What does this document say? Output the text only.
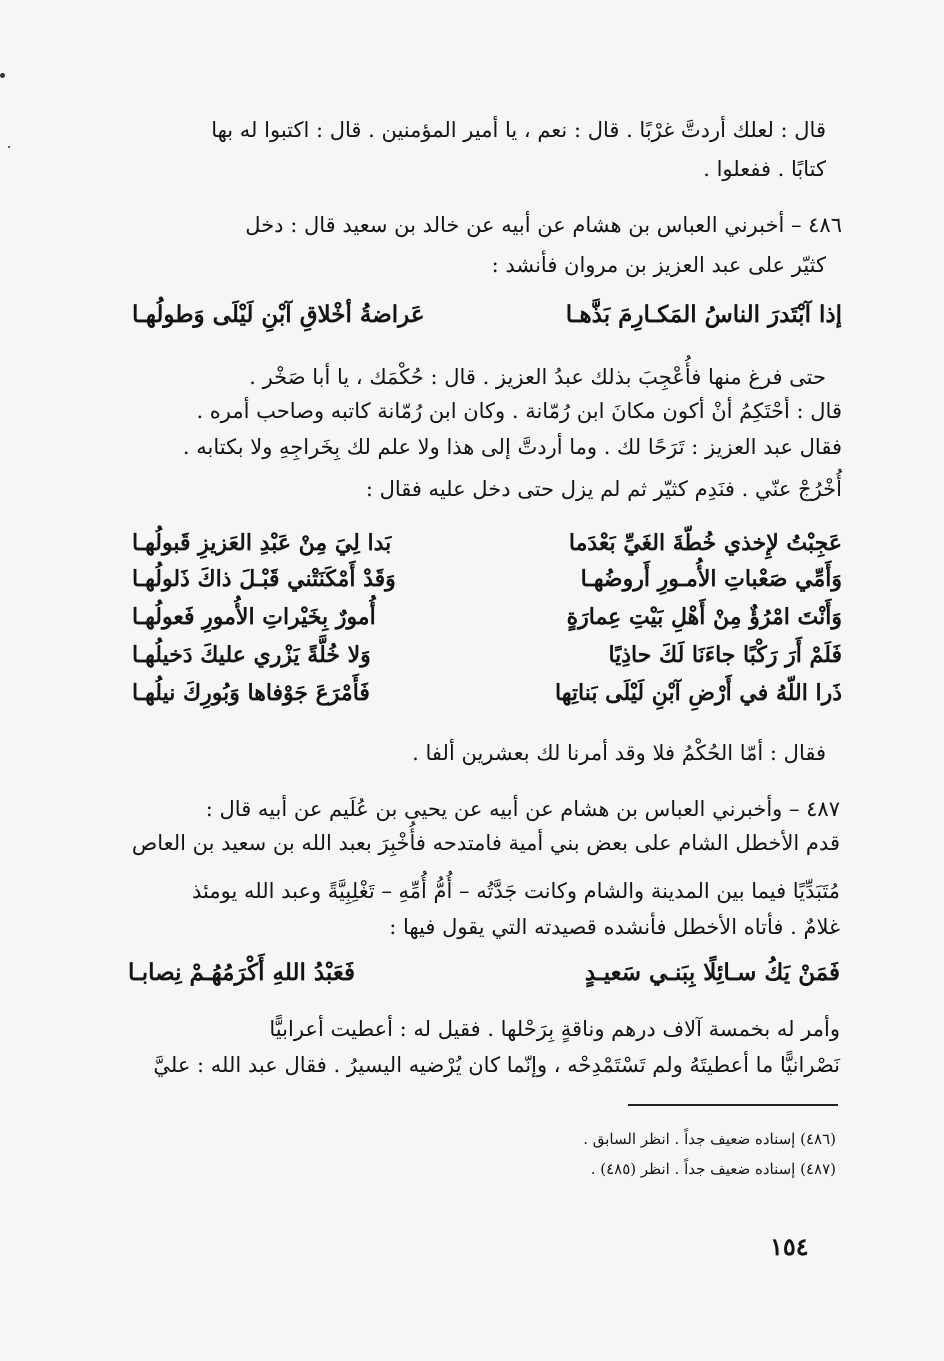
قال : لعلك أردتَّ غرْبًا . قال : نعم ، يا أمير المؤمنين . قال : اكتبوا له بها
كتابًا . ففعلوا .
٤٨٦ – أخبرني العباس بن هشام عن أبيه عن خالد بن سعيد قال : دخل
كثيّر على عبد العزيز بن مروان فأنشد :
إذا آبْتَدرَ الناسُ المَكـارِمَ بَذَّهـا
عَراضةُ أخْلاقِ آبْنِ لَيْلَى وَطولُهـا
حتى فرغ منها فأُعْجِبَ بذلك عبدُ العزيز . قال : حُكْمَك ، يا أبا صَخْر .
قال : أحْتَكِمُ أنْ أكون مكانَ ابن رُمّانة . وكان ابن رُمّانة كاتبه وصاحب أمره .
فقال عبد العزيز : تَرَحًا لك . وما أردتَّ إلى هذا ولا علم لك بِخَراجِهِ ولا بكتابه .
أُخْرُجْ عنّي . فنَدِم كثيّر ثم لم يزل حتى دخل عليه فقال :
عَجِبْتُ لإِخذي خُطّةَ الغَيِّ بَعْدَما
بَدا لِيَ مِنْ عَبْدِ العَزيزِ قَبولُهـا
وَأَمِّي صَعْباتِ الأُمـورِ أَروضُهـا
وَقَدْ أَمْكَنَتْني قَبْـلَ ذاكَ ذَلولُهـا
وَأَنْتَ امْرُؤٌ مِنْ أَهْلِ بَيْتِ عِمارَةٍ
أُمورٌ بِخَيْراتِ الأُمورِ فَعولُهـا
فَلَمْ أَرَ رَكْبًا جاءَنَا لَكَ حاذِيًا
وَلا خُلَّةً يَزْري عليكَ دَخيلُهـا
ذَرا اللّهُ في أَرْضِ آبْنِ لَيْلَى بَناتِها
فَأَمْرَعَ جَوْفاها وَبُورِكَ نيلُهـا
فقال : أمّا الحُكْمُ فلا وقد أمرنا لك بعشرين ألفا .
٤٨٧ – وأخبرني العباس بن هشام عن أبيه عن يحيى بن عُلَيم عن أبيه قال :
قدم الأخطل الشام على بعض بني أمية فامتدحه فأُخْبِرَ بعبد الله بن سعيد بن العاص
مُتَبَدِّيًا فيما بين المدينة والشام وكانت جَدَّتُه – أُمُّ أُمِّهِ – تَغْلِبِيَّةً وعبد الله يومئذ
غلامٌ . فأتاه الأخطل فأنشده قصيدته التي يقول فيها :
فَمَنْ يَكُ سـائِلًا بِبَنـي سَعيـدٍ
فَعَبْدُ اللهِ أَكْرَمُهُـمْ نِصابـا
وأمر له بخمسة آلاف درهم وناقةٍ بِرَحْلها . فقيل له : أعطيت أعرابيًّا
نَصْرانيًّا ما أعطيتَهُ ولم تَسْتَمْدِحْه ، وإنّما كان يُرْضيه اليسيرُ . فقال عبد الله : عليَّ
(٤٨٦) إسناده ضعيف جداً . انظر السابق .
(٤٨٧) إسناده ضعيف جداً . انظر (٤٨٥) .
١٥٤
